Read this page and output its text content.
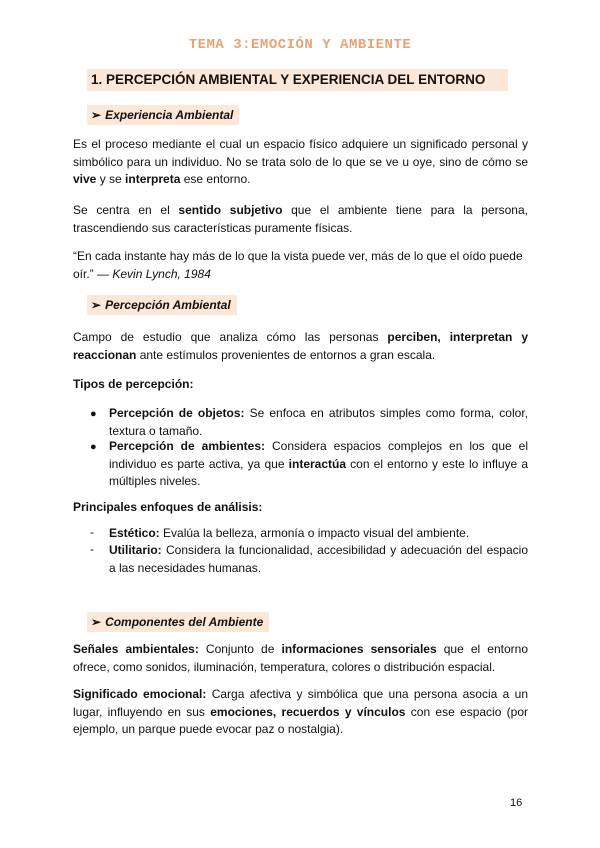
TEMA 3:EMOCIÓN Y AMBIENTE
1. PERCEPCIÓN AMBIENTAL Y EXPERIENCIA DEL ENTORNO
➢ Experiencia Ambiental

Es el proceso mediante el cual un espacio físico adquiere un significado personal y simbólico para un individuo. No se trata solo de lo que se ve u oye, sino de cómo se vive y se interpreta ese entorno.

Se centra en el sentido subjetivo que el ambiente tiene para la persona, trascendiendo sus características puramente físicas.

“En cada instante hay más de lo que la vista puede ver, más de lo que el oído puede oír.” — Kevin Lynch, 1984

➢ Percepción Ambiental

Campo de estudio que analiza cómo las personas perciben, interpretan y reaccionan ante estímulos provenientes de entornos a gran escala.

Tipos de percepción:

● Percepción de objetos: Se enfoca en atributos simples como forma, color, textura o tamaño.
● Percepción de ambientes: Considera espacios complejos en los que el individuo es parte activa, ya que interactúa con el entorno y este lo influye a múltiples niveles.

Principales enfoques de análisis:

- Estético: Evalúa la belleza, armonía o impacto visual del ambiente.
- Utilitario: Considera la funcionalidad, accesibilidad y adecuación del espacio a las necesidades humanas.
➢ Componentes del Ambiente

Señales ambientales: Conjunto de informaciones sensoriales que el entorno ofrece, como sonidos, iluminación, temperatura, colores o distribución espacial.

Significado emocional: Carga afectiva y simbólica que una persona asocia a un lugar, influyendo en sus emociones, recuerdos y vínculos con ese espacio (por ejemplo, un parque puede evocar paz o nostalgia).

16
